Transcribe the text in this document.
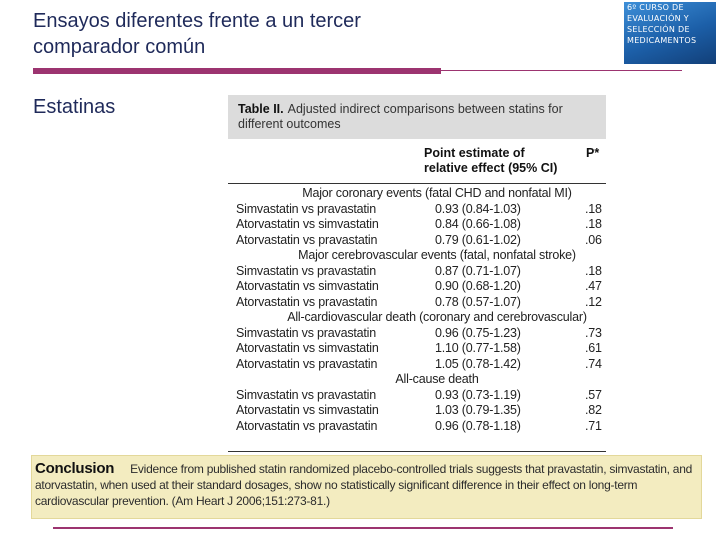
Ensayos diferentes frente a un tercer
comparador común
6º CURSO DE
EVALUACIÓN Y
SELECCIÓN DE
MEDICAMENTOS
Estatinas	Table II. Adjusted indirect comparisons between statins for different outcomes
Point estimate of
relative effect (95% CI)
P*
Major coronary events (fatal CHD and nonfatal MI)
Simvastatin vs pravastatin	0.93 (0.84-1.03)	.18
Atorvastatin vs simvastatin	0.84 (0.66-1.08)	.18
Atorvastatin vs pravastatin	0.79 (0.61-1.02)	.06
Major cerebrovascular events (fatal, nonfatal stroke)
Simvastatin vs pravastatin	0.87 (0.71-1.07)	.18
Atorvastatin vs simvastatin	0.90 (0.68-1.20)	.47
Atorvastatin vs pravastatin	0.78 (0.57-1.07)	.12
All-cardiovascular death (coronary and cerebrovascular)
Simvastatin vs pravastatin	0.96 (0.75-1.23)	.73
Atorvastatin vs simvastatin	1.10 (0.77-1.58)	.61
Atorvastatin vs pravastatin	1.05 (0.78-1.42)	.74
All-cause death
Simvastatin vs pravastatin	0.93 (0.73-1.19)	.57
Atorvastatin vs simvastatin	1.03 (0.79-1.35)	.82
Atorvastatin vs pravastatin	0.96 (0.78-1.18)	.71
Conclusion Evidence from published statin randomized placebo-controlled trials suggests that pravastatin, simvastatin, and atorvastatin, when used at their standard dosages, show no statistically significant difference in their effect on long-term cardiovascular prevention. (Am Heart J 2006;151:273-81.)
